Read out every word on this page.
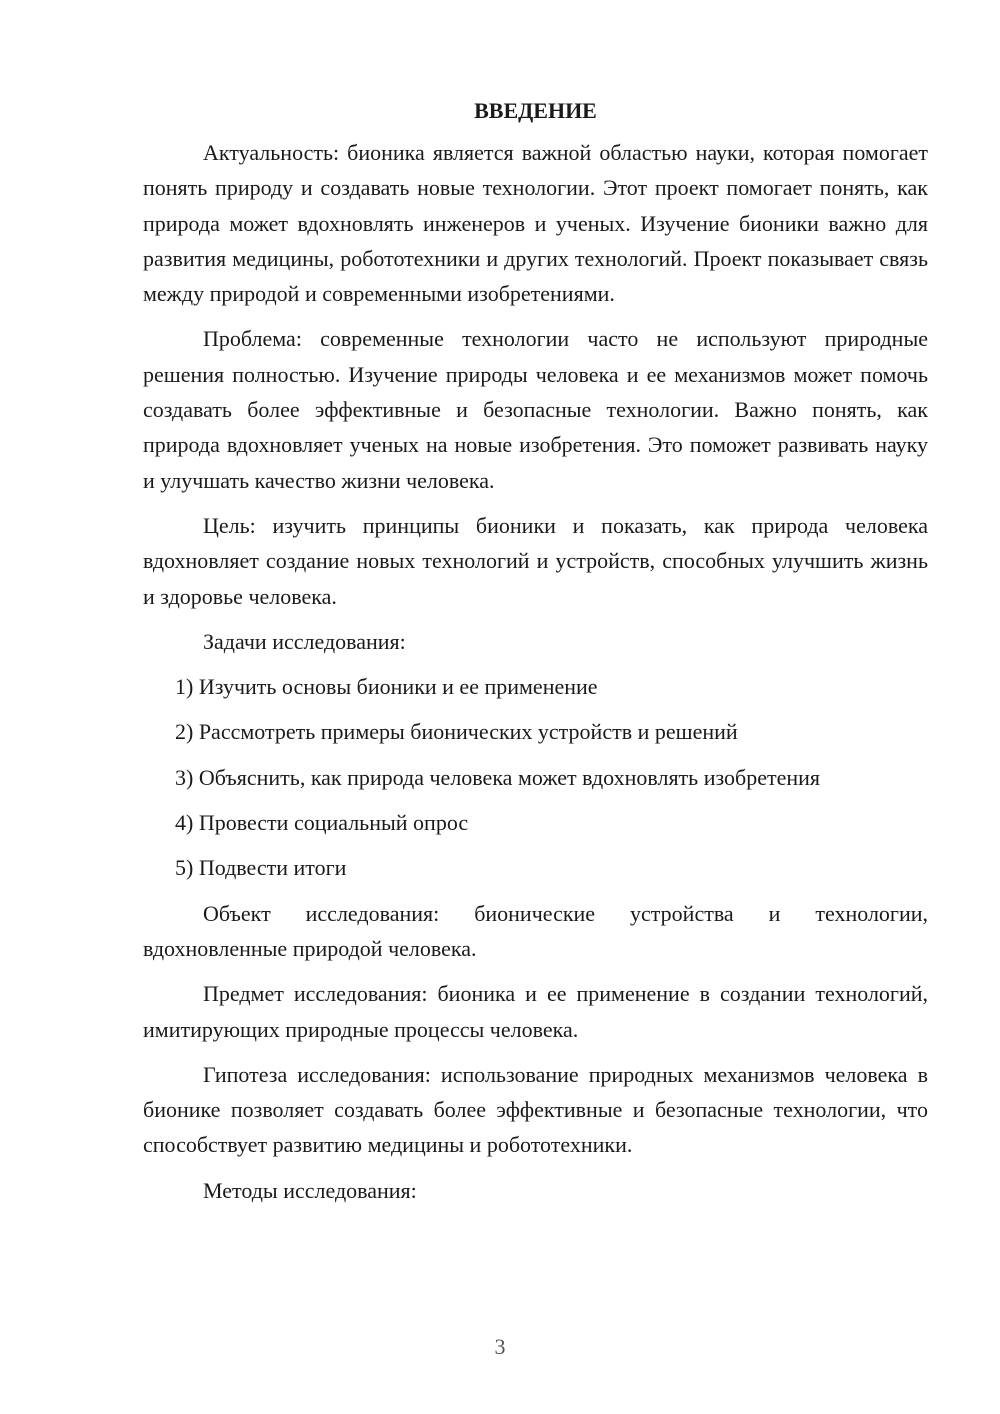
ВВЕДЕНИЕ

Актуальность: бионика является важной областью науки, которая помогает понять природу и создавать новые технологии. Этот проект помогает понять, как природа может вдохновлять инженеров и ученых. Изучение бионики важно для развития медицины, робототехники и других технологий. Проект показывает связь между природой и современными изобретениями.

Проблема: современные технологии часто не используют природные решения полностью. Изучение природы человека и ее механизмов может помочь создавать более эффективные и безопасные технологии. Важно понять, как природа вдохновляет ученых на новые изобретения. Это поможет развивать науку и улучшать качество жизни человека.

Цель: изучить принципы бионики и показать, как природа человека вдохновляет создание новых технологий и устройств, способных улучшить жизнь и здоровье человека.

Задачи исследования:

1) Изучить основы бионики и ее применение
2) Рассмотреть примеры бионических устройств и решений
3) Объяснить, как природа человека может вдохновлять изобретения
4) Провести социальный опрос
5) Подвести итоги

Объект исследования: бионические устройства и технологии, вдохновленные природой человека.

Предмет исследования: бионика и ее применение в создании технологий, имитирующих природные процессы человека.

Гипотеза исследования: использование природных механизмов человека в бионике позволяет создавать более эффективные и безопасные технологии, что способствует развитию медицины и робототехники.

Методы исследования:

3
